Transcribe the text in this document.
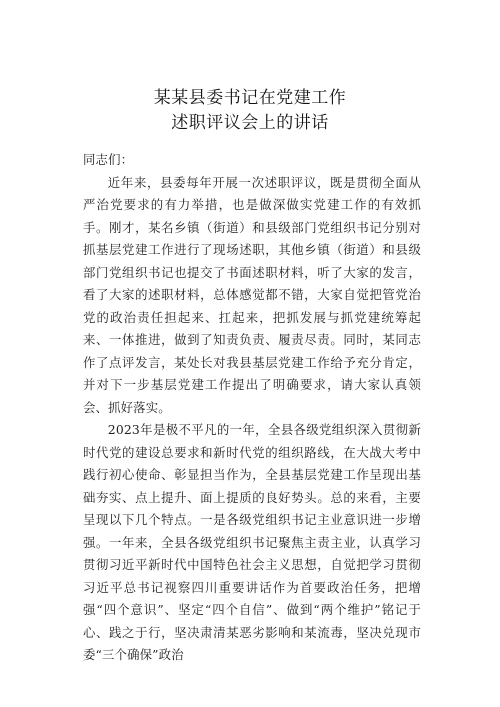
某某县委书记在党建工作
述职评议会上的讲话

同志们：

近年来，县委每年开展一次述职评议，既是贯彻全面从严治党要求的有力举措，也是做深做实党建工作的有效抓手。刚才，某名乡镇（街道）和县级部门党组织书记分别对抓基层党建工作进行了现场述职，其他乡镇（街道）和县级部门党组织书记也提交了书面述职材料，听了大家的发言，看了大家的述职材料，总体感觉都不错，大家自觉把管党治党的政治责任担起来、扛起来，把抓发展与抓党建统筹起来、一体推进，做到了知责负责、履责尽责。同时，某同志作了点评发言，某处长对我县基层党建工作给予充分肯定，并对下一步基层党建工作提出了明确要求，请大家认真领会、抓好落实。

2023年是极不平凡的一年，全县各级党组织深入贯彻新时代党的建设总要求和新时代党的组织路线，在大战大考中践行初心使命、彰显担当作为，全县基层党建工作呈现出基础夯实、点上提升、面上提质的良好势头。总的来看，主要呈现以下几个特点。一是各级党组织书记主业意识进一步增强。一年来，全县各级党组织书记聚焦主责主业，认真学习贯彻习近平新时代中国特色社会主义思想，自觉把学习贯彻习近平总书记视察四川重要讲话作为首要政治任务，把增强“四个意识”、坚定“四个自信”、做到“两个维护”铭记于心、践之于行，坚决肃清某恶劣影响和某流毒，坚决兑现市委“三个确保”政治
